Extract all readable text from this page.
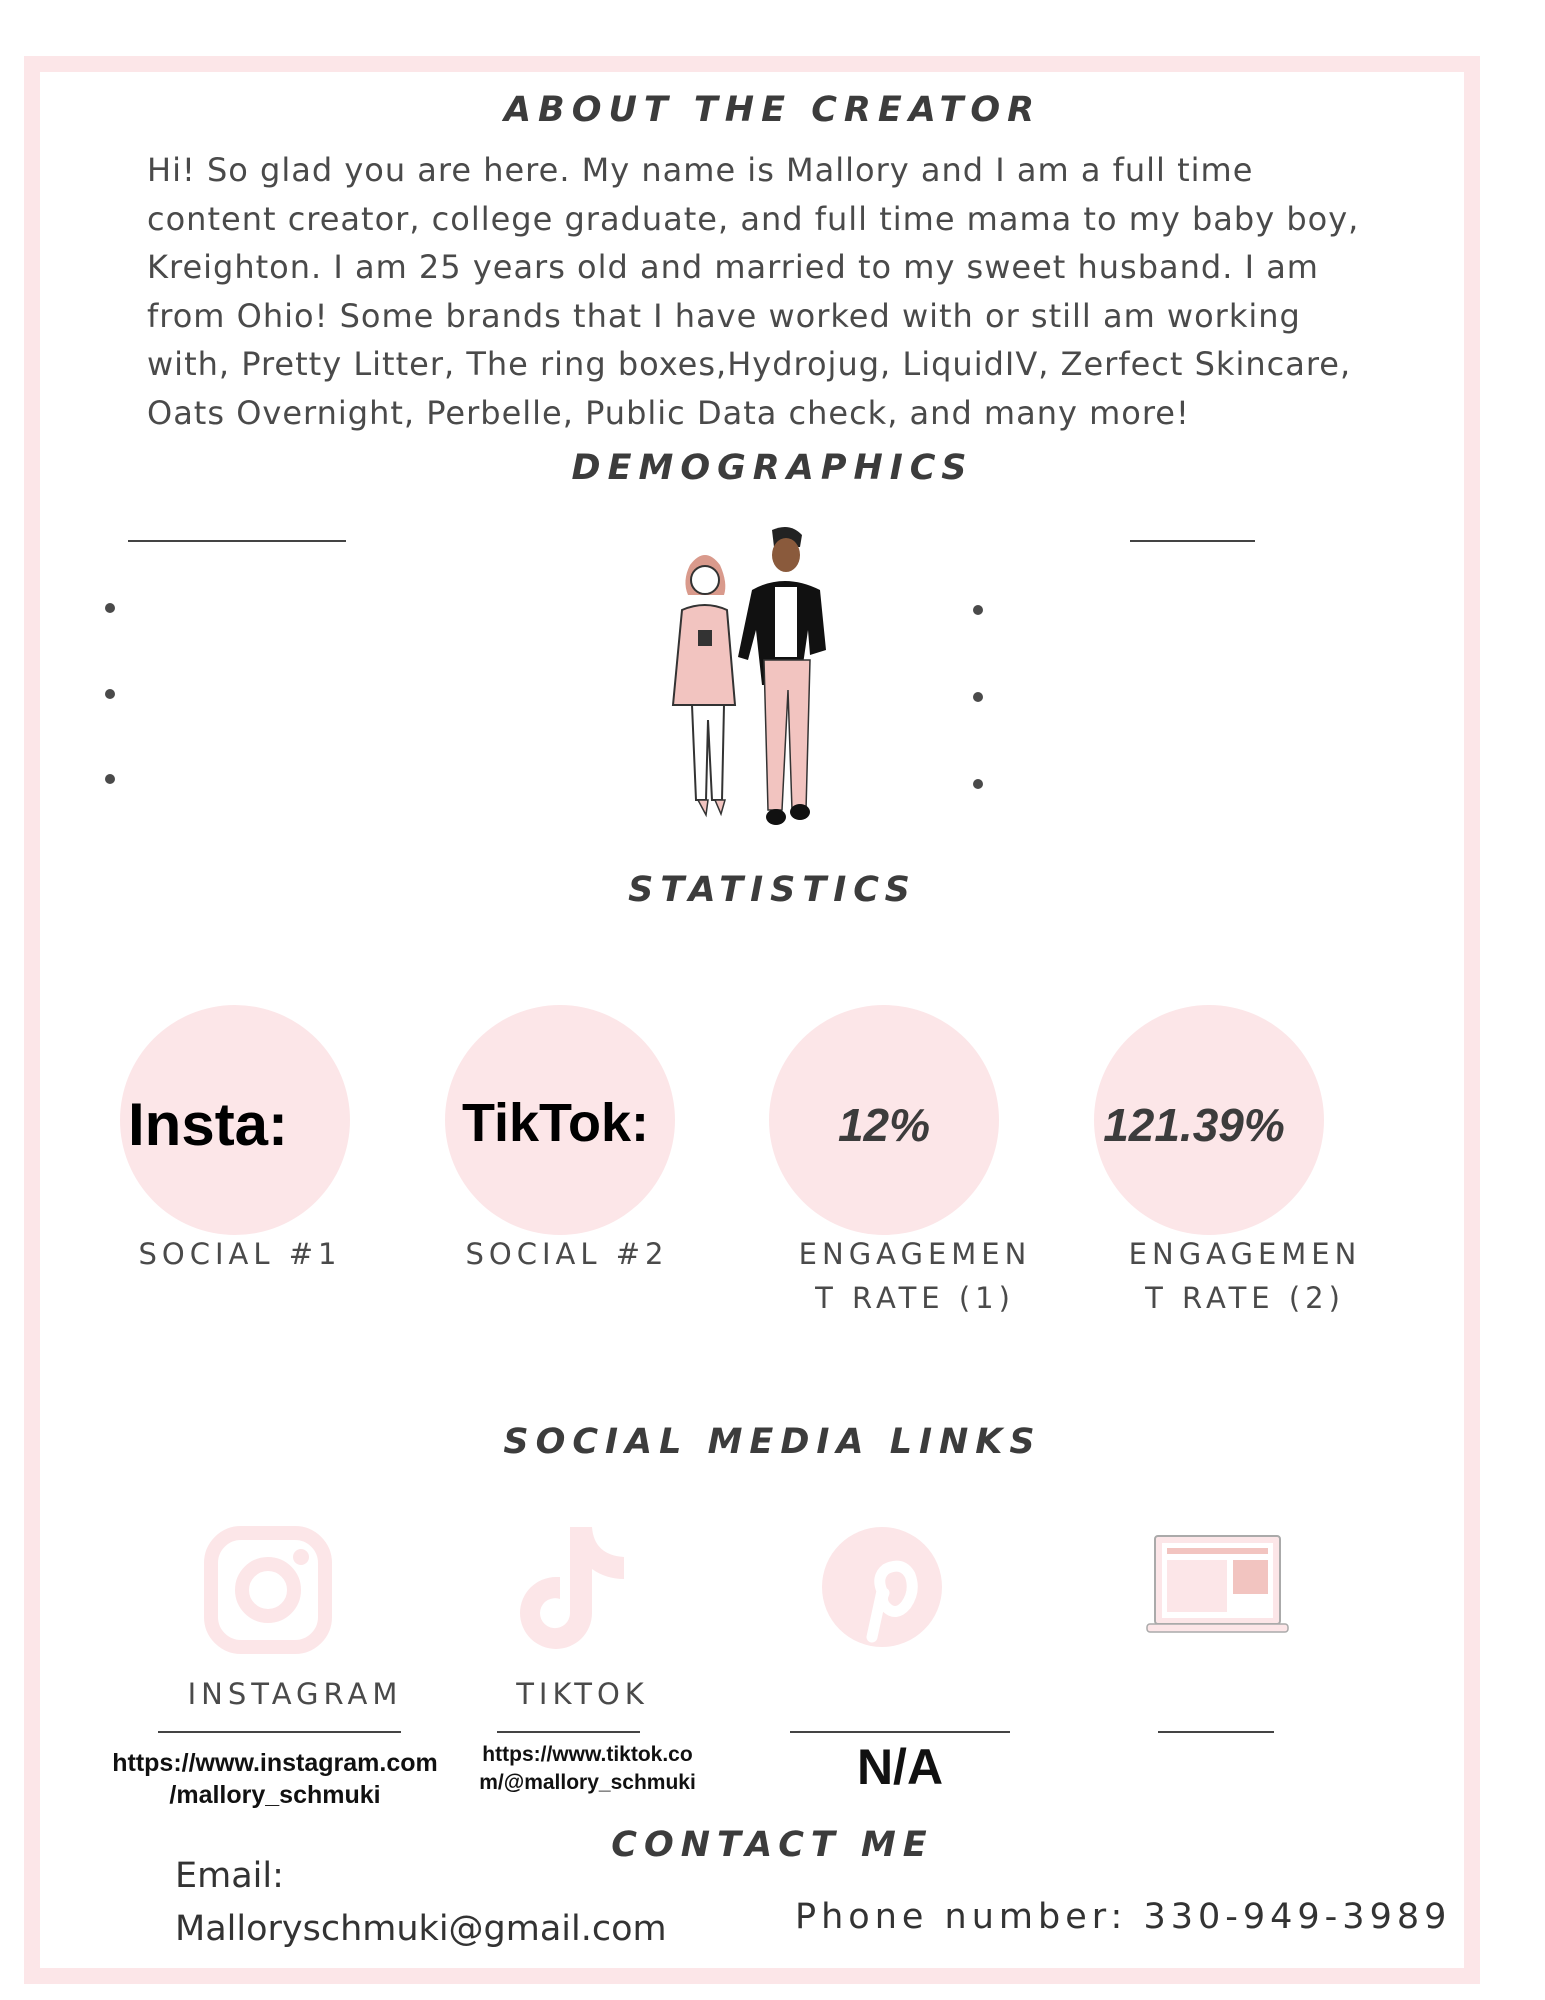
ABOUT THE CREATOR
Hi! So glad you are here. My name is Mallory and I am a full time content creator, college graduate, and full time mama to my baby boy, Kreighton. I am 25 years old and married to my sweet husband. I am from Ohio! Some brands that I have worked with or still am working with, Pretty Litter, The ring boxes,Hydrojug, LiquidIV, Zerfect Skincare, Oats Overnight, Perbelle, Public Data check, and many more!
DEMOGRAPHICS
STATISTICS
Insta:
SOCIAL #1
TikTok:
SOCIAL #2
12%
ENGAGEMEN
T RATE (1)
121.39%
ENGAGEMEN
T RATE (2)
SOCIAL MEDIA LINKS
INSTAGRAM	TIKTOK
https://www.instagram.com
/mallory_schmuki
https://www.tiktok.co
m/@mallory_schmuki	N/A
CONTACT ME
Email:
Malloryschmuki@gmail.com	Phone number: 330-949-3989
